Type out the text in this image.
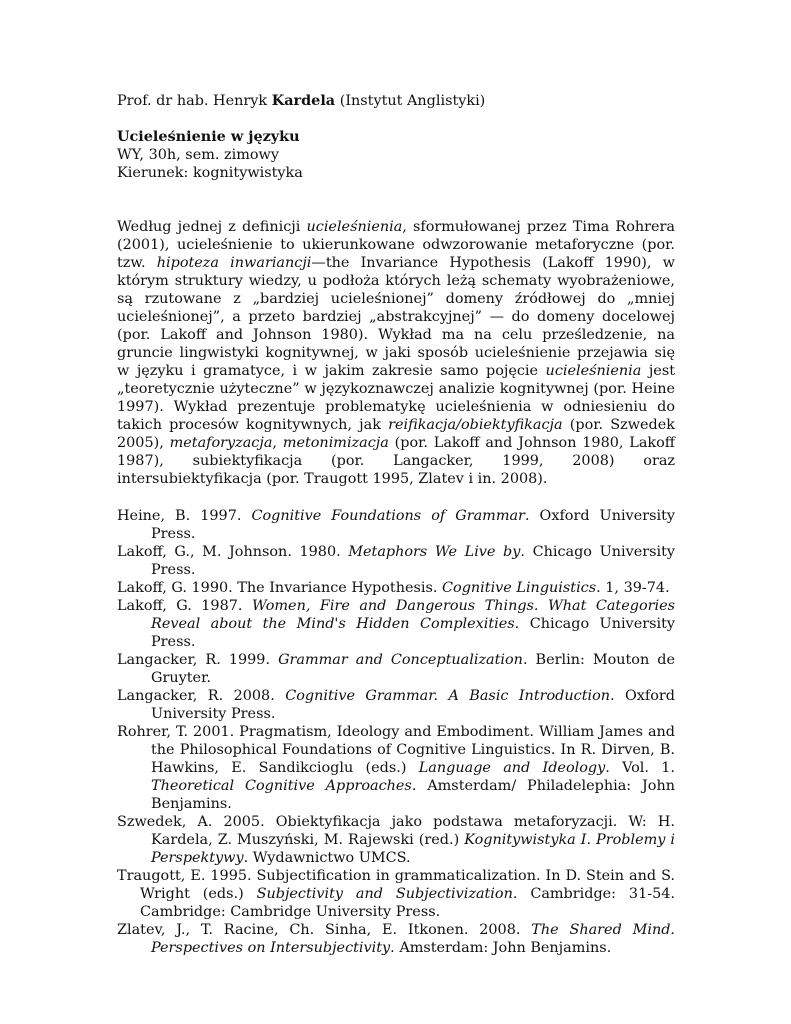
Prof. dr hab. Henryk Kardela (Instytut Anglistyki)

Ucieleśnienie w języku
WY, 30h, sem. zimowy
Kierunek: kognitywistyka

Według jednej z definicji ucieleśnienia, sformułowanej przez Tima Rohrera (2001), ucieleśnienie to ukierunkowane odwzorowanie metaforyczne (por. tzw. hipoteza inwariancji—the Invariance Hypothesis (Lakoff 1990), w którym struktury wiedzy, u podłoża których leżą schematy wyobrażeniowe, są rzutowane z „bardziej ucieleśnionej” domeny źródłowej do „mniej ucieleśnionej”, a przeto bardziej „abstrakcyjnej” — do domeny docelowej (por. Lakoff and Johnson 1980). Wykład ma na celu prześledzenie, na gruncie lingwistyki kognitywnej, w jaki sposób ucieleśnienie przejawia się w języku i gramatyce, i w jakim zakresie samo pojęcie ucieleśnienia jest „teoretycznie użyteczne” w językoznawczej analizie kognitywnej (por. Heine 1997). Wykład prezentuje problematykę ucieleśnienia w odniesieniu do takich procesów kognitywnych, jak reifikacja/obiektyfikacja (por. Szwedek 2005), metaforyzacja, metonimizacja (por. Lakoff and Johnson 1980, Lakoff 1987), subiektyfikacja (por. Langacker, 1999, 2008) oraz intersubiektyfikacja (por. Traugott 1995, Zlatev i in. 2008).

Heine, B. 1997. Cognitive Foundations of Grammar. Oxford University Press.

Lakoff, G., M. Johnson. 1980. Metaphors We Live by. Chicago University Press.

Lakoff, G. 1990. The Invariance Hypothesis. Cognitive Linguistics. 1, 39-74.

Lakoff, G. 1987. Women, Fire and Dangerous Things. What Categories Reveal about the Mind's Hidden Complexities. Chicago University Press.

Langacker, R. 1999. Grammar and Conceptualization. Berlin: Mouton de Gruyter.

Langacker, R. 2008. Cognitive Grammar. A Basic Introduction. Oxford University Press.

Rohrer, T. 2001. Pragmatism, Ideology and Embodiment. William James and the Philosophical Foundations of Cognitive Linguistics. In R. Dirven, B. Hawkins, E. Sandikcioglu (eds.) Language and Ideology. Vol. 1. Theoretical Cognitive Approaches. Amsterdam/ Philadelephia: John Benjamins.

Szwedek, A. 2005. Obiektyfikacja jako podstawa metaforyzacji. W: H. Kardela, Z. Muszyński, M. Rajewski (red.) Kognitywistyka I. Problemy i Perspektywy. Wydawnictwo UMCS.

Traugott, E. 1995. Subjectification in grammaticalization. In D. Stein and S. Wright (eds.) Subjectivity and Subjectivization. Cambridge: 31-54. Cambridge: Cambridge University Press.

Zlatev, J., T. Racine, Ch. Sinha, E. Itkonen. 2008. The Shared Mind. Perspectives on Intersubjectivity. Amsterdam: John Benjamins.
